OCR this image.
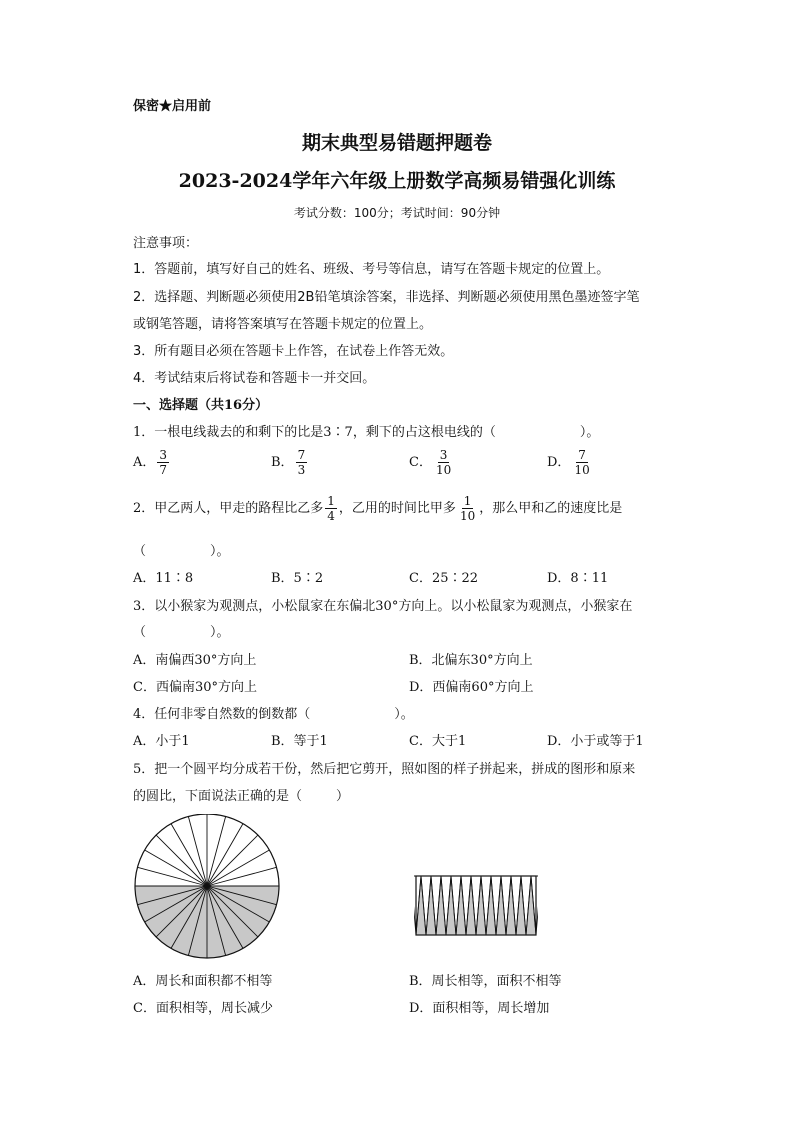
保密★启用前
期末典型易错题押题卷
2023-2024学年六年级上册数学高频易错强化训练
考试分数：100分；考试时间：90分钟
注意事项：
1．答题前，填写好自己的姓名、班级、考号等信息，请写在答题卡规定的位置上。
2．选择题、判断题必须使用2B铅笔填涂答案，非选择、判断题必须使用黑色墨迹签字笔
或钢笔答题，请将答案填写在答题卡规定的位置上。
3．所有题目必须在答题卡上作答，在试卷上作答无效。
4．考试结束后将试卷和答题卡一并交回。
一、选择题（共16分）
1．一根电线裁去的和剩下的比是3∶7，剩下的占这根电线的（	）。
A． $\frac{3}{7}$	B． $\frac{7}{3}$	C． $\frac{3}{10}$	D． $\frac{7}{10}$
2．甲乙两人，甲走的路程比乙多 $\frac{1}{4}$ ，乙用的时间比甲多 $\frac{1}{10}$ ，那么甲和乙的速度比是
（	）。
A．11∶8	B．5∶2	C．25∶22	D．8∶11
3．以小猴家为观测点，小松鼠家在东偏北30°方向上。以小松鼠家为观测点，小猴家在
（	）。
A．南偏西30°方向上	B．北偏东30°方向上
C．西偏南30°方向上	D．西偏南60°方向上
4．任何非零自然数的倒数都（	）。
A．小于1	B．等于1	C．大于1	D．小于或等于1
5．把一个圆平均分成若干份，然后把它剪开，照如图的样子拼起来，拼成的图形和原来
的圆比，下面说法正确的是（	）
A．周长和面积都不相等	B．周长相等，面积不相等
C．面积相等，周长减少	D．面积相等，周长增加
